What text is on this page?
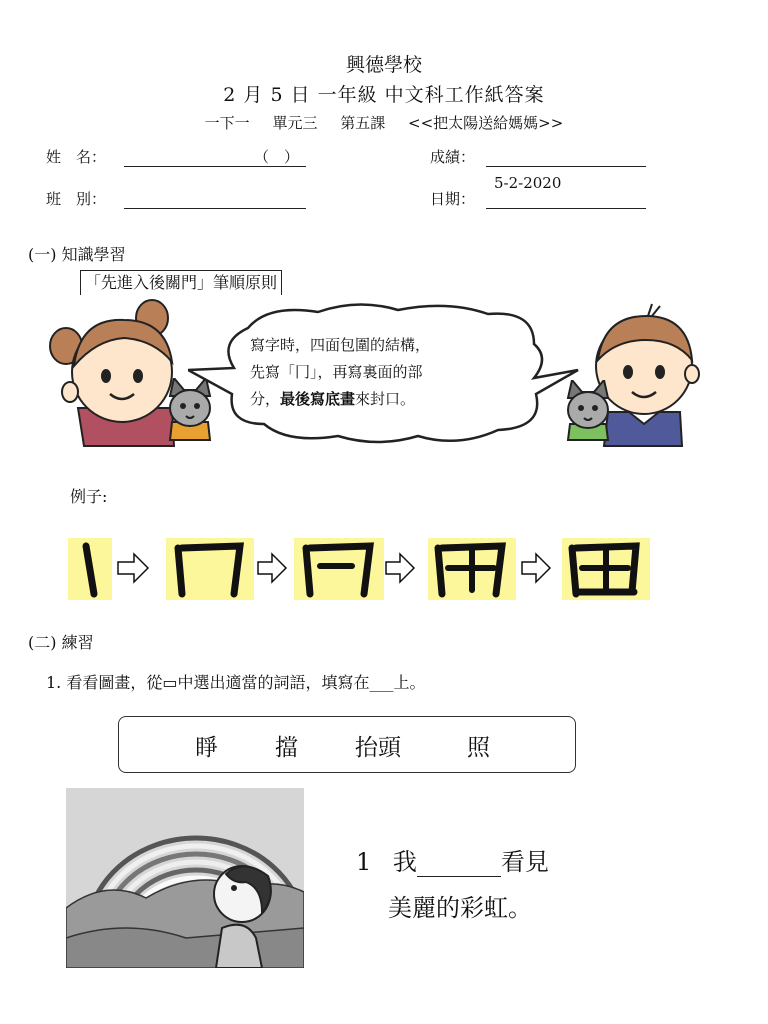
興德學校
2 月 5 日 一年級 中文科工作紙答案
一下一 單元三 第五課 <<把太陽送給媽媽>>
姓　名：	（　）
班　別：
成績：
日期：
5-2-2020
(一) 知識學習
「先進入後關門」筆順原則
寫字時，四面包圍的結構，
先寫「冂」，再寫裏面的部
分，最後寫底畫來封口。
例子:
(二) 練習
1. 看看圖畫，從▭中選出適當的詞語，填寫在___上。
睜 擋 抬頭	照
1 我	看見
美麗的彩虹。
